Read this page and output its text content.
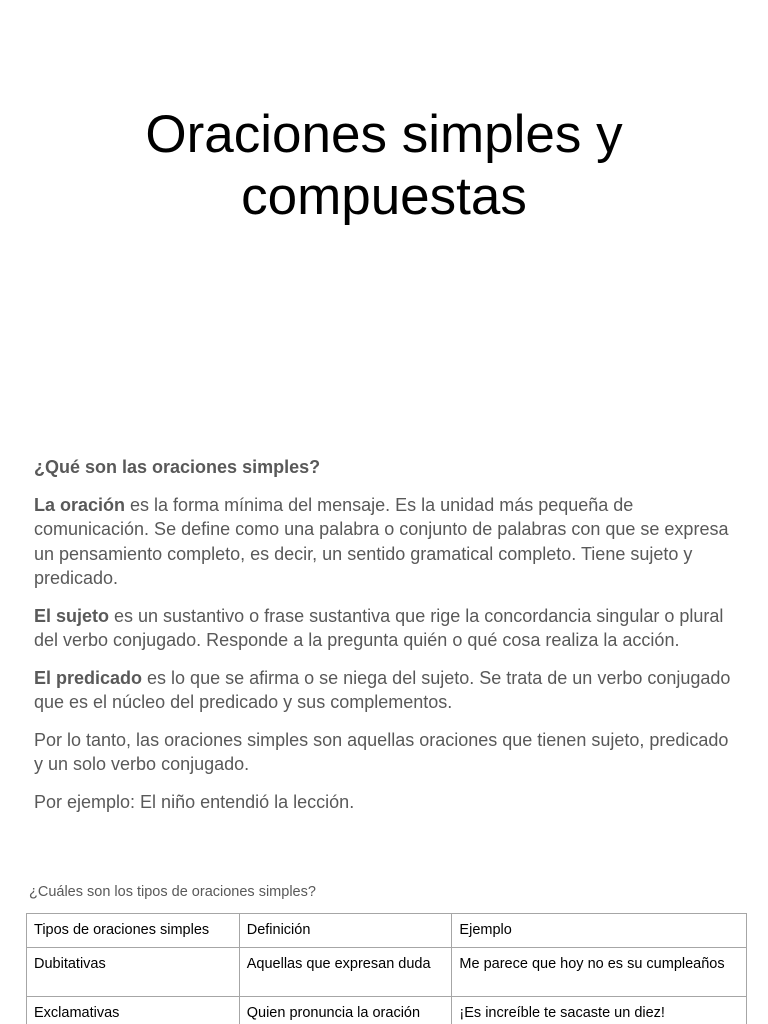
Oraciones simples y
compuestas

¿Qué son las oraciones simples?

La oración es la forma mínima del mensaje. Es la unidad más pequeña de comunicación. Se define como una palabra o conjunto de palabras con que se expresa un pensamiento completo, es decir, un sentido gramatical completo. Tiene sujeto y predicado.

El sujeto es un sustantivo o frase sustantiva que rige la concordancia singular o plural del verbo conjugado. Responde a la pregunta quién o qué cosa realiza la acción.

El predicado es lo que se afirma o se niega del sujeto. Se trata de un verbo conjugado que es el núcleo del predicado y sus complementos.

Por lo tanto, las oraciones simples son aquellas oraciones que tienen sujeto, predicado y un solo verbo conjugado.

Por ejemplo: El niño entendió la lección.

¿Cuáles son los tipos de oraciones simples?
Tipos de oraciones simples	Definición	Ejemplo
Dubitativas	Aquellas que expresan duda	Me parece que hoy no es su cumpleaños
Exclamativas	Quien pronuncia la oración	¡Es increíble te sacaste un diez!
